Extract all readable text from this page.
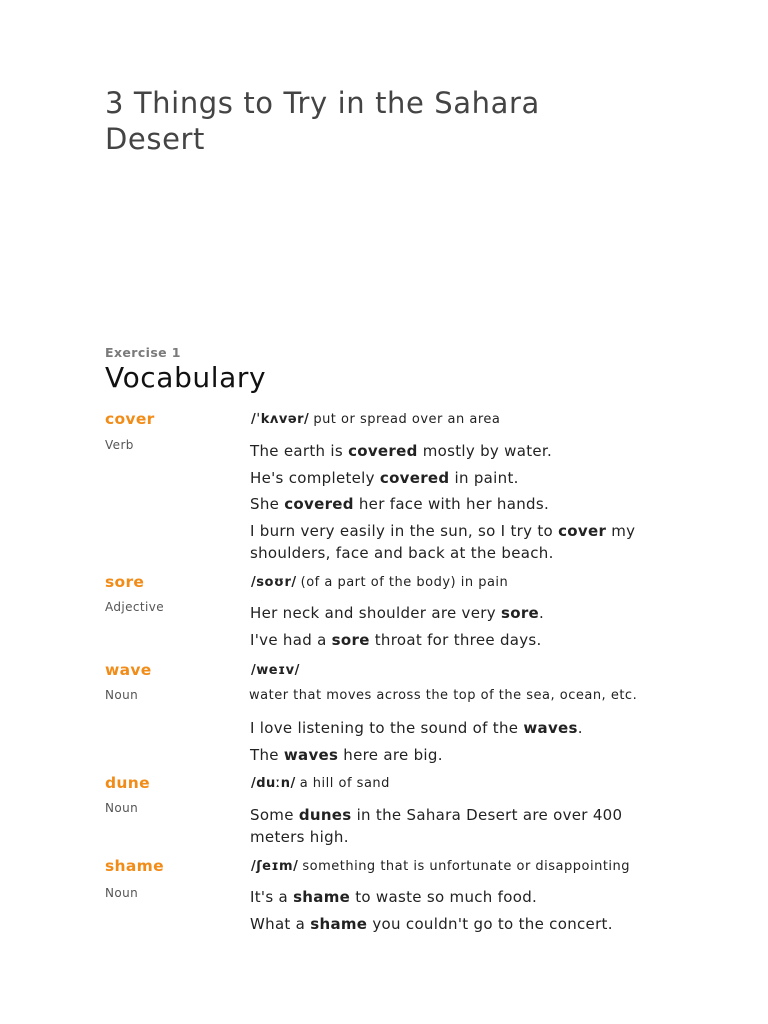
3 Things to Try in the Sahara Desert
Exercise 1
Vocabulary
cover
Verb
/ˈkʌvər/ put or spread over an area
The earth is covered mostly by water.
He's completely covered in paint.
She covered her face with her hands.
I burn very easily in the sun, so I try to cover my shoulders, face and back at the beach.
sore
Adjective
/soʊr/ (of a part of the body) in pain
Her neck and shoulder are very sore.
I've had a sore throat for three days.
wave
Noun
/weɪv/
water that moves across the top of the sea, ocean, etc.
I love listening to the sound of the waves.
The waves here are big.
dune
Noun
/duːn/ a hill of sand
Some dunes in the Sahara Desert are over 400 meters high.
shame
Noun
/ʃeɪm/ something that is unfortunate or disappointing
It's a shame to waste so much food.
What a shame you couldn't go to the concert.
